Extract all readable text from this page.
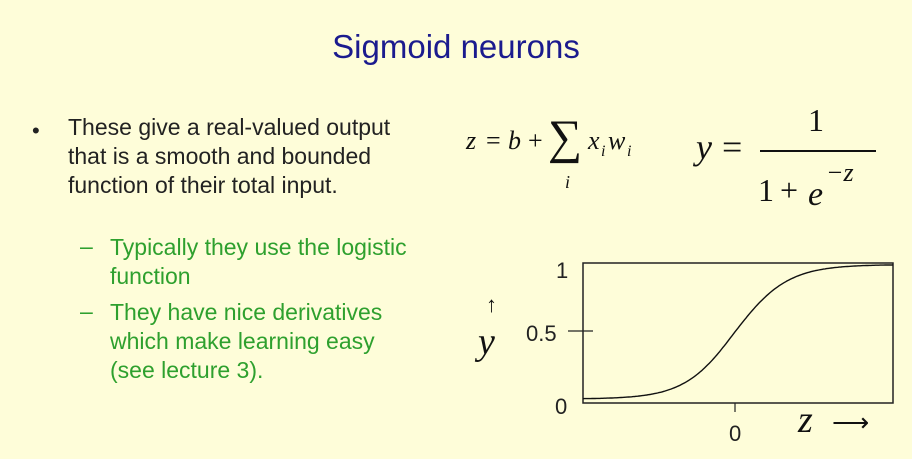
Sigmoid neurons
• These give a real-valued output that is a smooth and bounded function of their total input.
– Typically they use the logistic function
– They have nice derivatives which make learning easy (see lecture 3).
z = b + ∑
i
x i w i y =
1
1 + e
−z
1
0.5
0
0
↑
y
z ⟶
